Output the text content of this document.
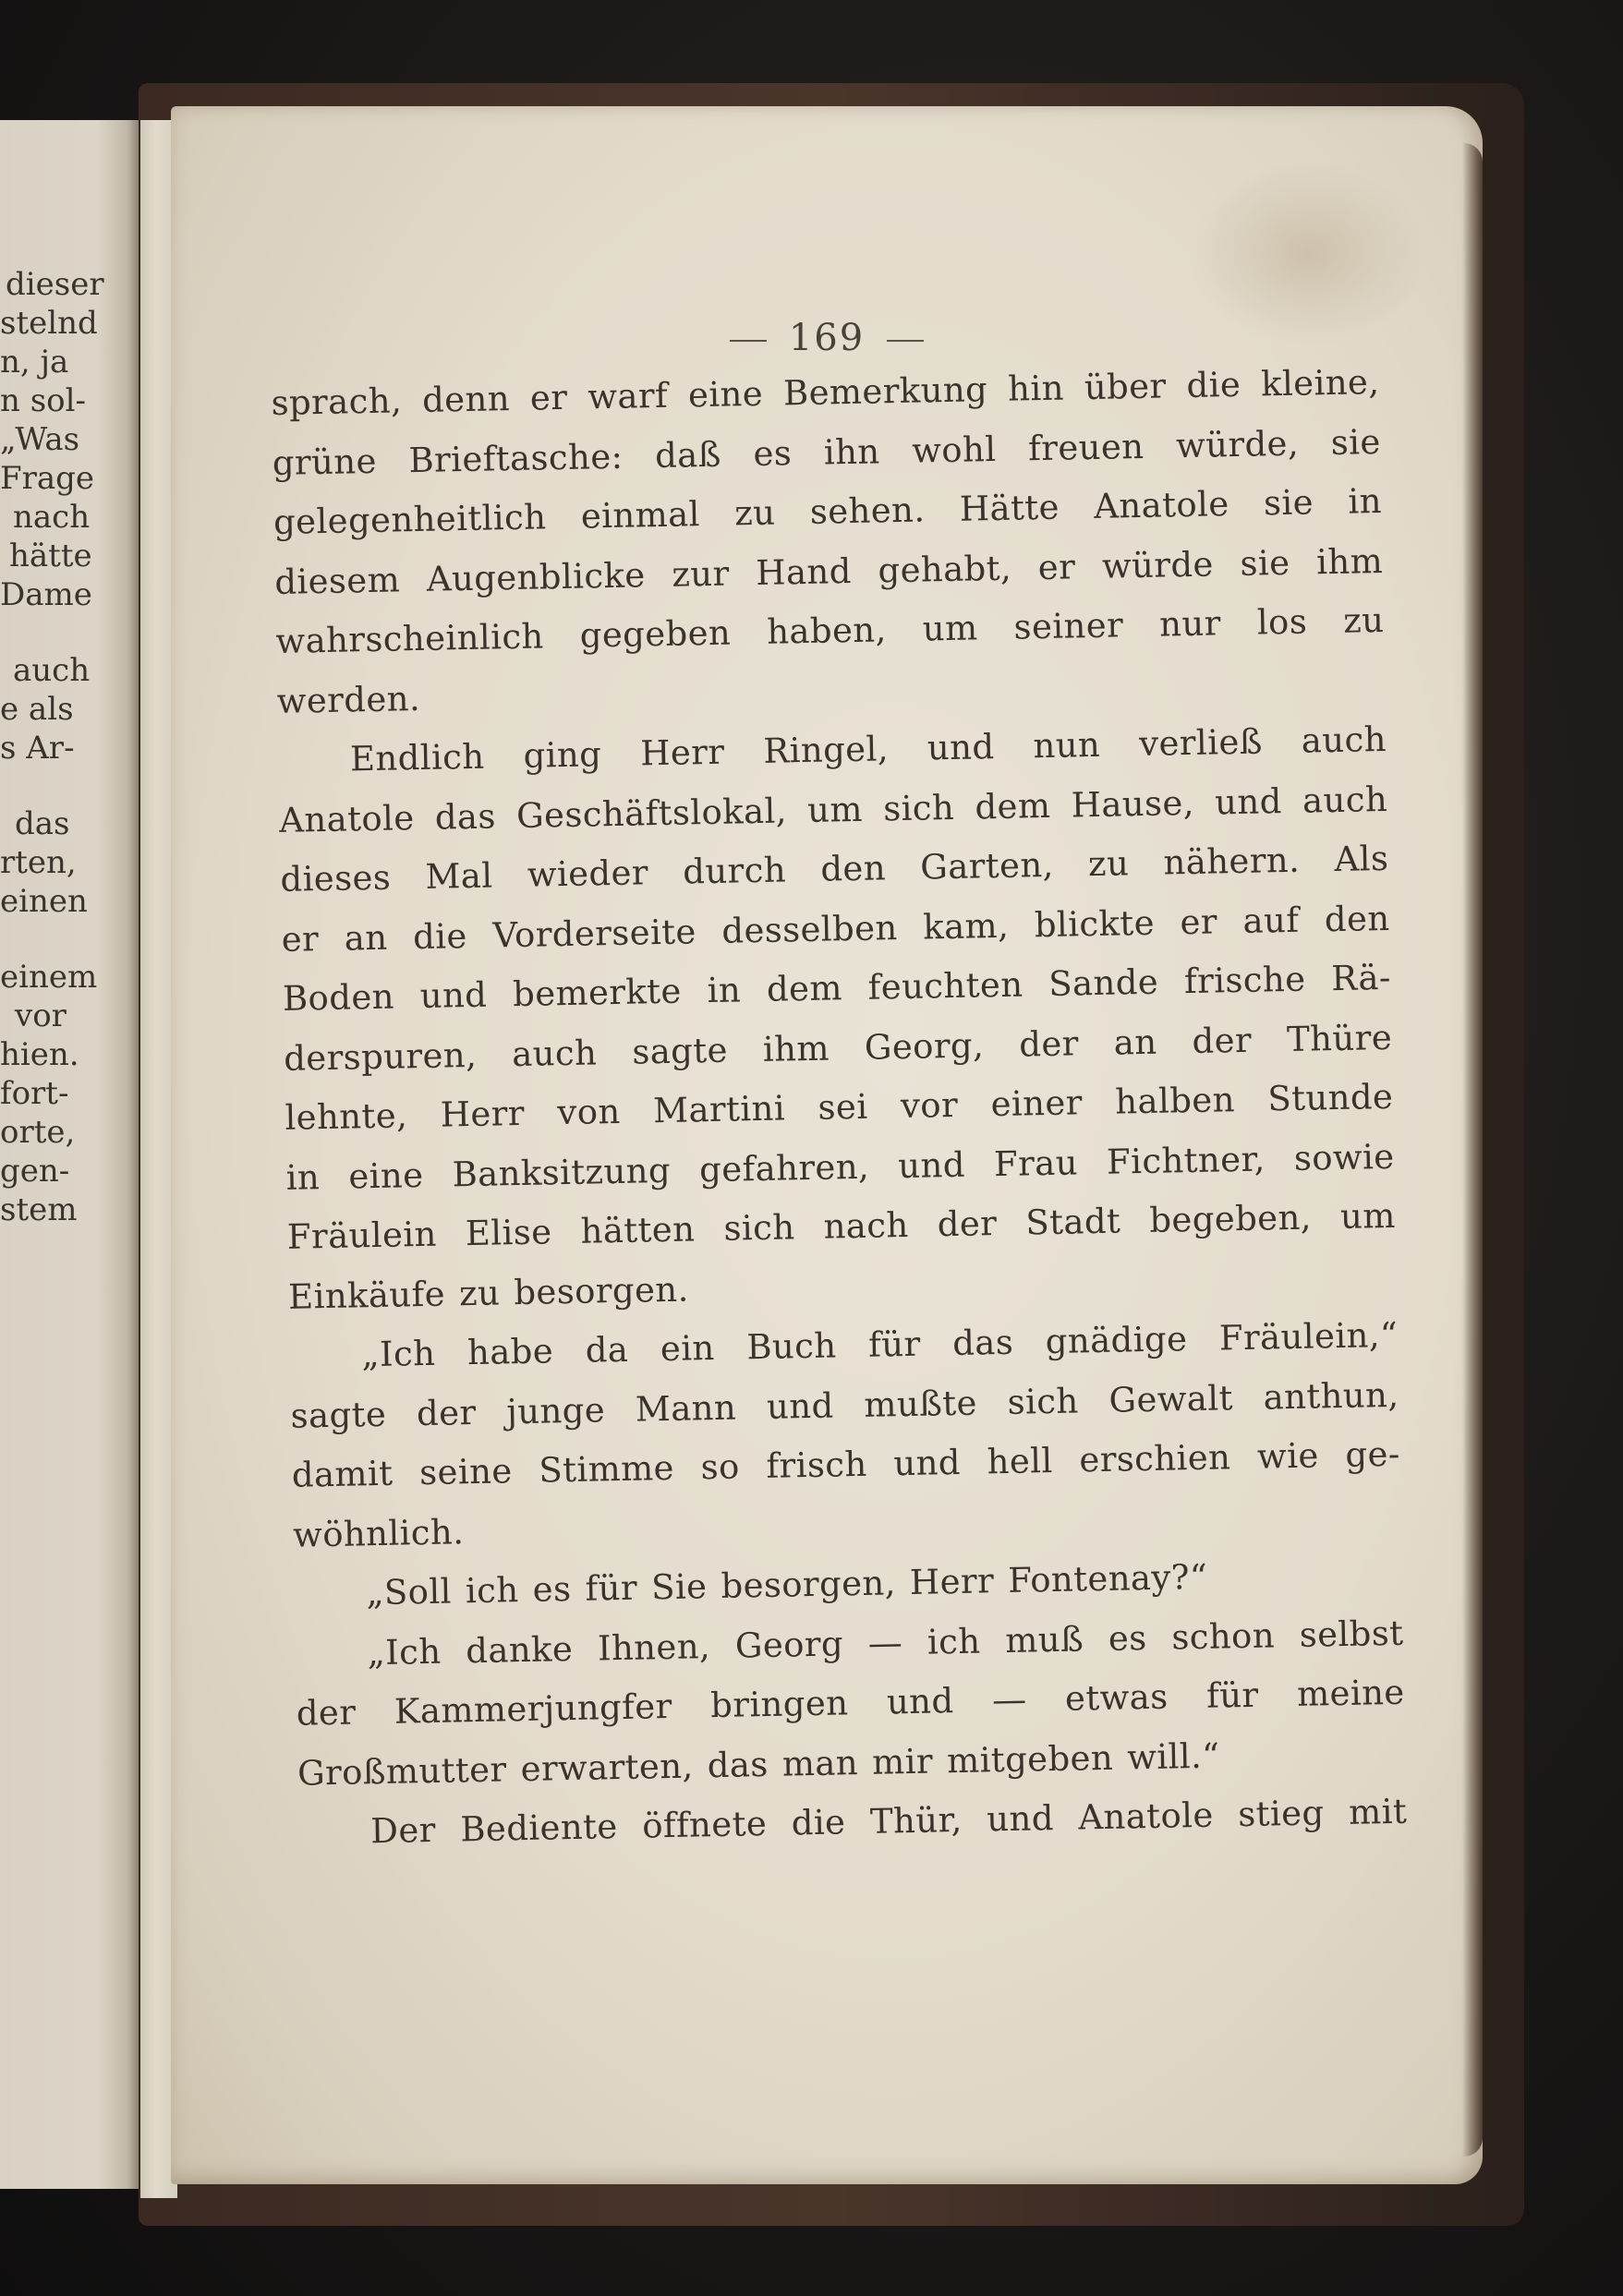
dieser
stelnd
n, ja
n sol-
„Was
Frage
nach
hätte
Dame
auch
e als
s Ar-
das
rten,
einen
einem
vor
hien.
fort-
orte,
gen-
stem
169
sprach, denn er warf eine Bemerkung hin über die kleine,
grüne Brieftasche: daß es ihn wohl freuen würde, sie
gelegenheitlich einmal zu sehen. Hätte Anatole sie in
diesem Augenblicke zur Hand gehabt, er würde sie ihm
wahrscheinlich gegeben haben, um seiner nur los zu
werden.
Endlich ging Herr Ringel, und nun verließ auch
Anatole das Geschäftslokal, um sich dem Hause, und auch
dieses Mal wieder durch den Garten, zu nähern. Als
er an die Vorderseite desselben kam, blickte er auf den
Boden und bemerkte in dem feuchten Sande frische Rä-
derspuren, auch sagte ihm Georg, der an der Thüre
lehnte, Herr von Martini sei vor einer halben Stunde
in eine Banksitzung gefahren, und Frau Fichtner, sowie
Fräulein Elise hätten sich nach der Stadt begeben, um
Einkäufe zu besorgen.
„Ich habe da ein Buch für das gnädige Fräulein,“
sagte der junge Mann und mußte sich Gewalt anthun,
damit seine Stimme so frisch und hell erschien wie ge-
wöhnlich.
„Soll ich es für Sie besorgen, Herr Fontenay?“
„Ich danke Ihnen, Georg — ich muß es schon selbst
der Kammerjungfer bringen und — etwas für meine
Großmutter erwarten, das man mir mitgeben will.“
Der Bediente öffnete die Thür, und Anatole stieg mit
